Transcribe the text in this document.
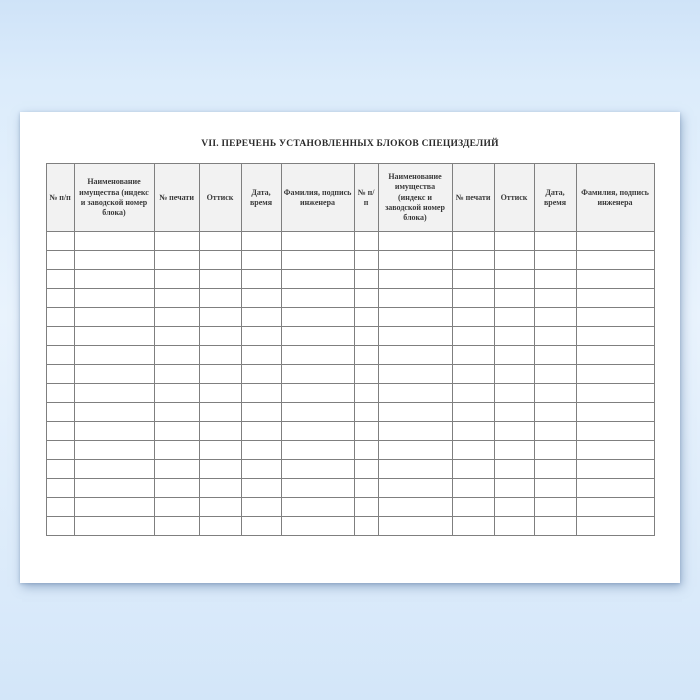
VII. ПЕРЕЧЕНЬ УСТАНОВЛЕННЫХ БЛОКОВ СПЕЦИЗДЕЛИЙ
№ п/п	Наименование имущества (индекс и заводской номер блока)	№ печати	Оттиск	Дата, время	Фамилия, подпись инженера	№ п/п	Наименование имущества (индекс и заводской номер блока)	№ печати	Оттиск	Дата, время	Фамилия, подпись инженера
